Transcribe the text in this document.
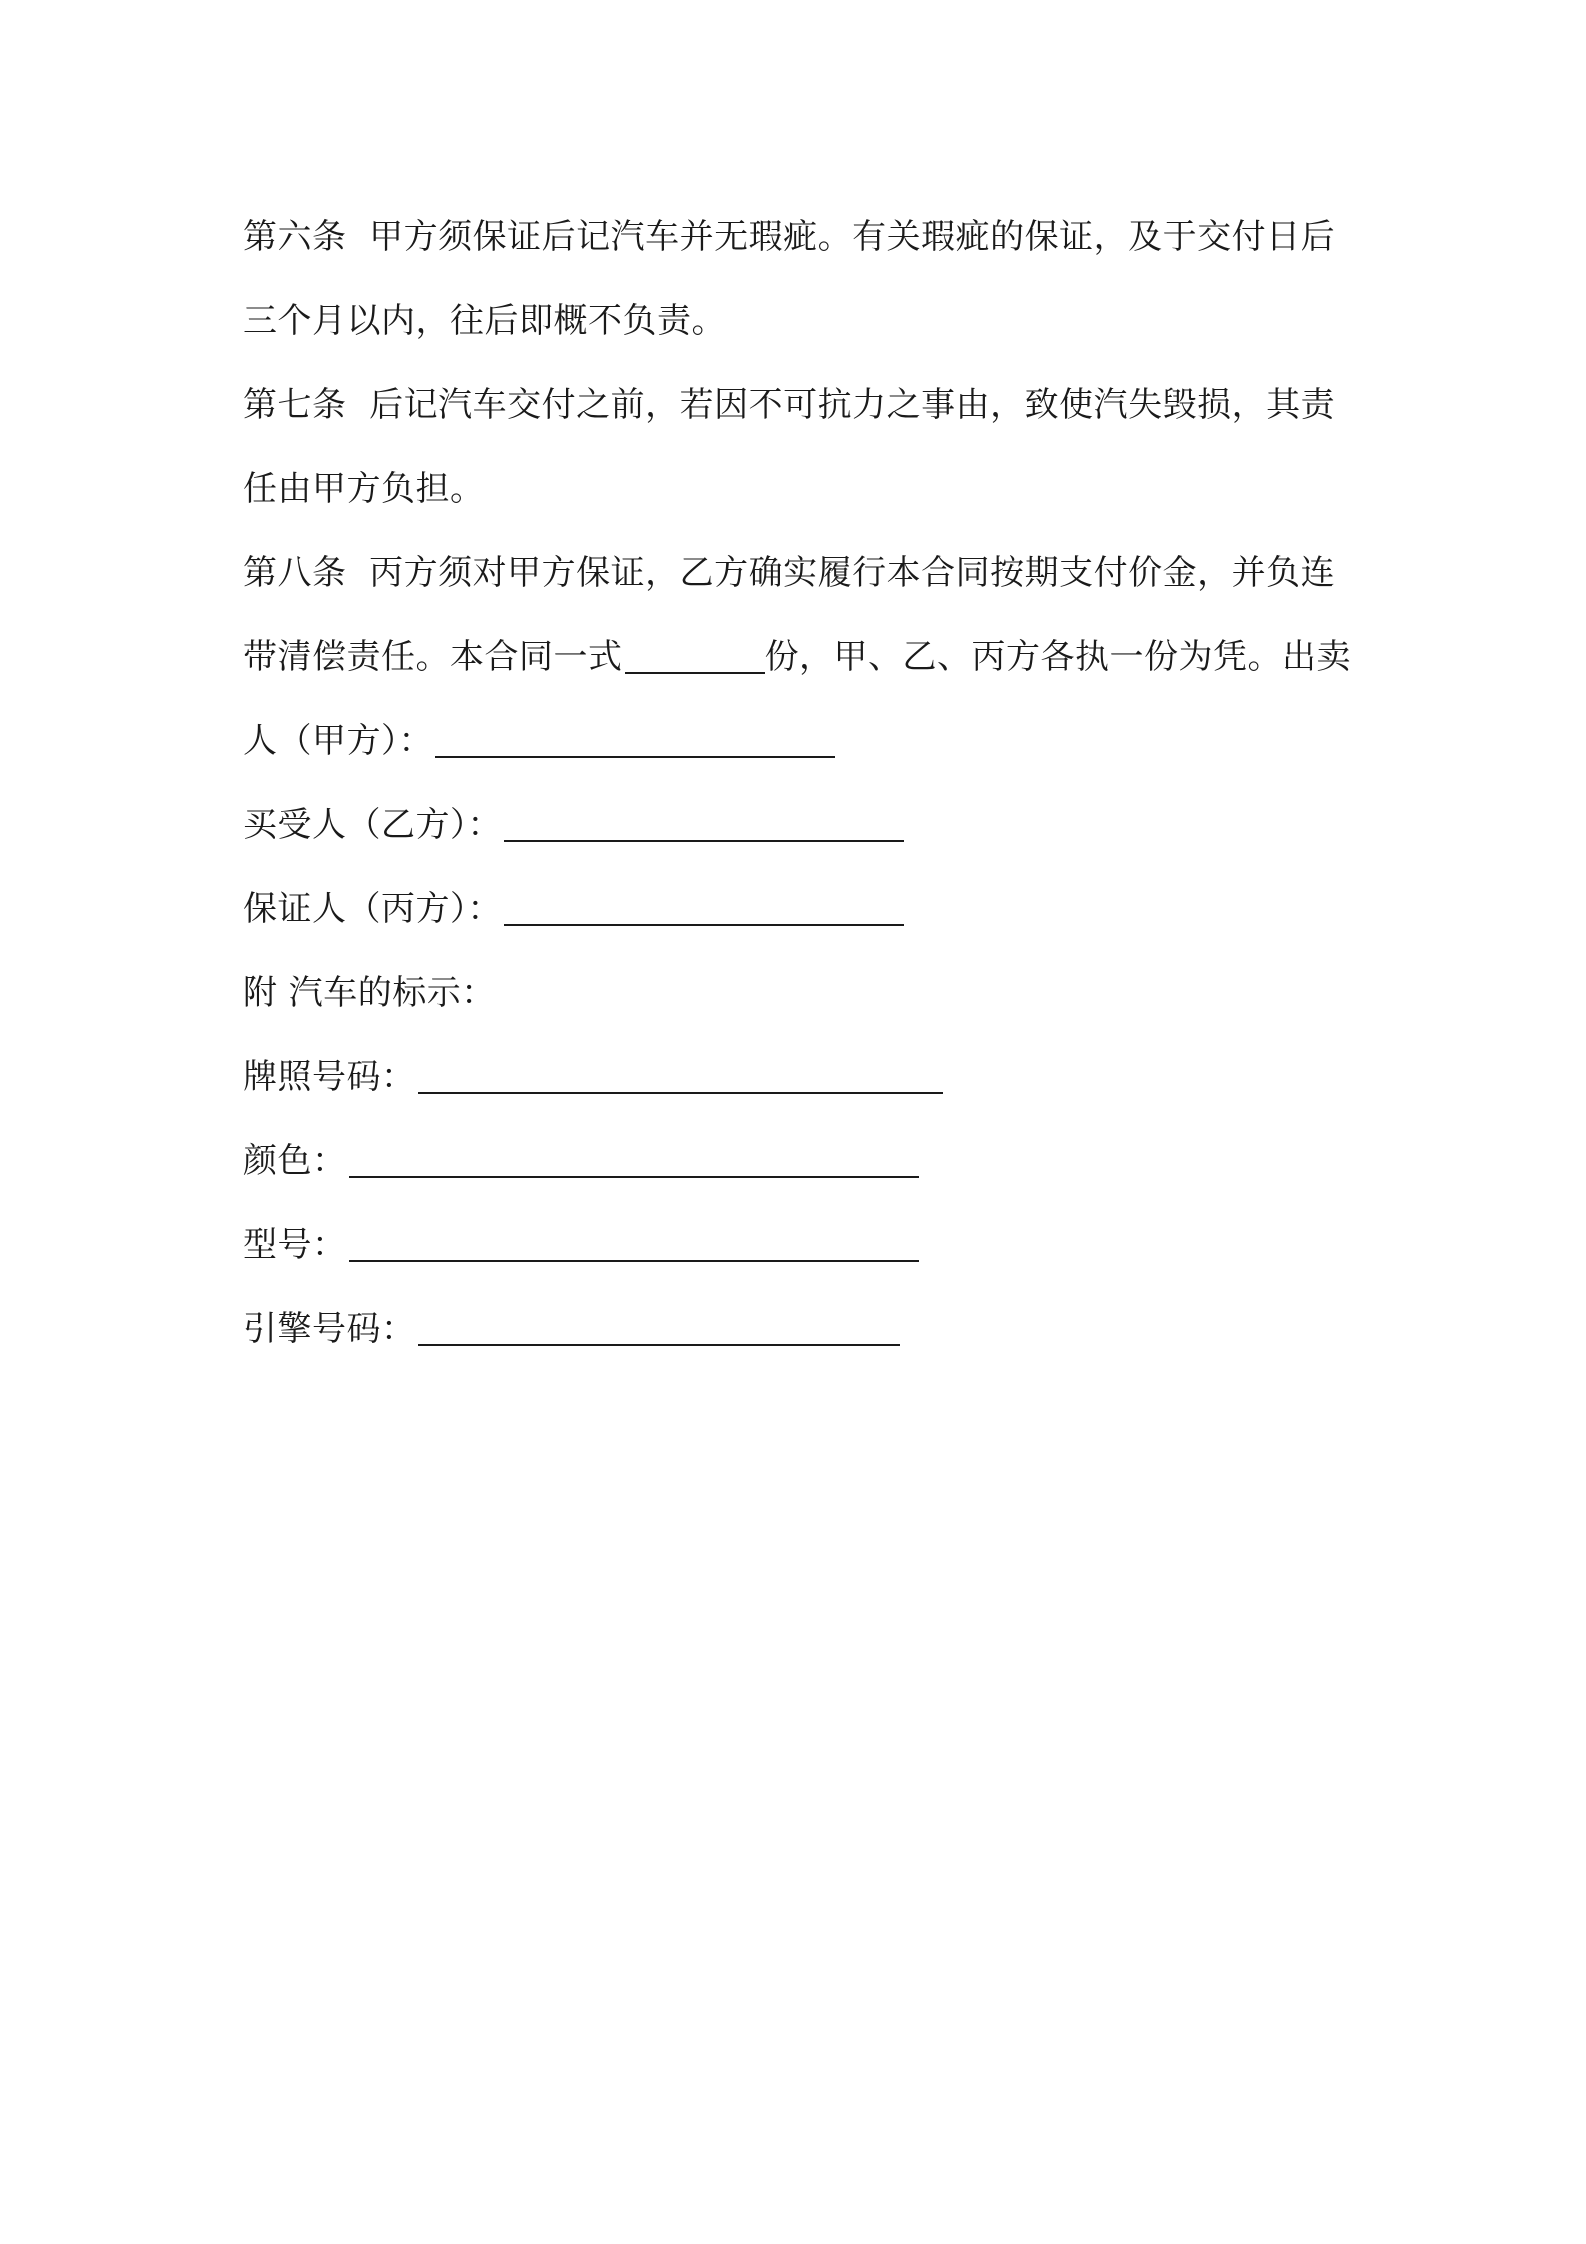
第六条 甲方须保证后记汽车并无瑕疵。有关瑕疵的保证，及于交付日后三个月以内，往后即概不负责。

第七条 后记汽车交付之前，若因不可抗力之事由，致使汽失毁损，其责任由甲方负担。

第八条 丙方须对甲方保证，乙方确实履行本合同按期支付价金，并负连带清偿责任。本合同一式	份，甲、乙、丙方各执一份为凭。出卖人（甲方）：

买受人（乙方）：

保证人（丙方）：

附 汽车的标示：

牌照号码：

颜色：

型号：

引擎号码：
